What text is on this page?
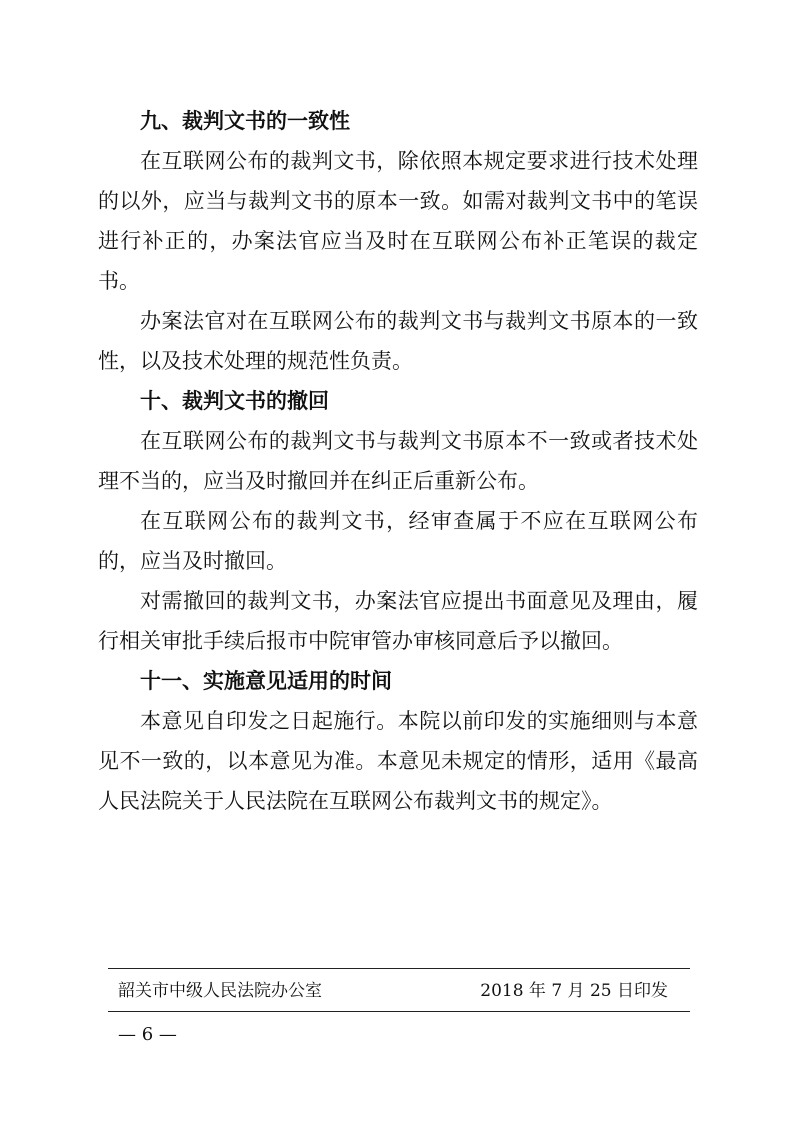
九、裁判文书的一致性

在互联网公布的裁判文书，除依照本规定要求进行技术处理的以外，应当与裁判文书的原本一致。如需对裁判文书中的笔误进行补正的，办案法官应当及时在互联网公布补正笔误的裁定书。

办案法官对在互联网公布的裁判文书与裁判文书原本的一致性，以及技术处理的规范性负责。

十、裁判文书的撤回

在互联网公布的裁判文书与裁判文书原本不一致或者技术处理不当的，应当及时撤回并在纠正后重新公布。

在互联网公布的裁判文书，经审查属于不应在互联网公布的，应当及时撤回。

对需撤回的裁判文书，办案法官应提出书面意见及理由，履行相关审批手续后报市中院审管办审核同意后予以撤回。

十一、实施意见适用的时间

本意见自印发之日起施行。本院以前印发的实施细则与本意见不一致的，以本意见为准。本意见未规定的情形，适用《最高人民法院关于人民法院在互联网公布裁判文书的规定》。

韶关市中级人民法院办公室	2018 年 7 月 25 日印发
— 6 —
